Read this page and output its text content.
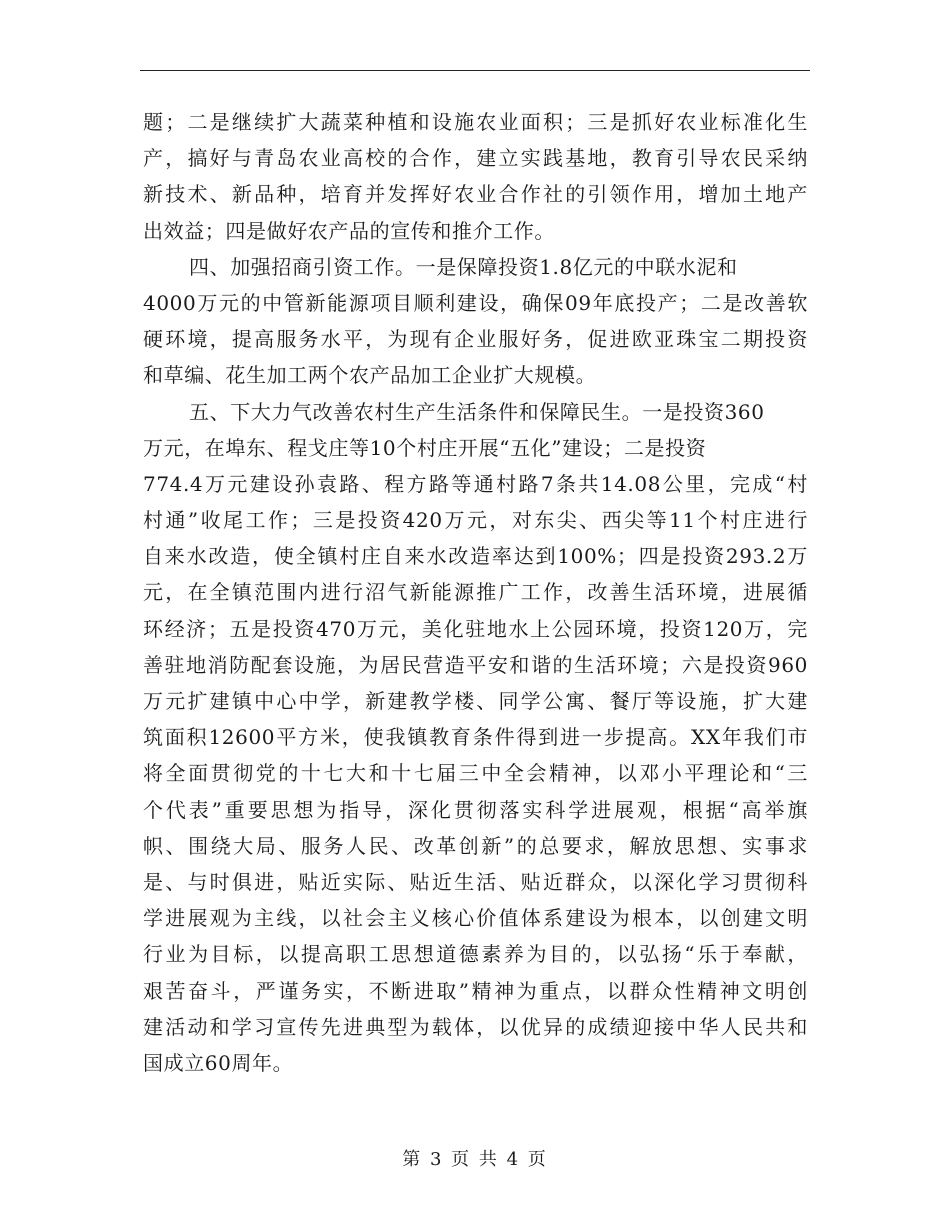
题；二是继续扩大蔬菜种植和设施农业面积；三是抓好农业标准化生
产，搞好与青岛农业高校的合作，建立实践基地，教育引导农民采纳
新技术、新品种，培育并发挥好农业合作社的引领作用，增加土地产
出效益；四是做好农产品的宣传和推介工作。
四、加强招商引资工作。一是保障投资1.8亿元的中联水泥和
4000万元的中管新能源项目顺利建设，确保09年底投产；二是改善软
硬环境，提高服务水平，为现有企业服好务，促进欧亚珠宝二期投资
和草编、花生加工两个农产品加工企业扩大规模。
五、下大力气改善农村生产生活条件和保障民生。一是投资360
万元，在埠东、程戈庄等10个村庄开展“五化”建设；二是投资
774.4万元建设孙袁路、程方路等通村路7条共14.08公里，完成“村
村通”收尾工作；三是投资420万元，对东尖、西尖等11个村庄进行
自来水改造，使全镇村庄自来水改造率达到100%；四是投资293.2万
元，在全镇范围内进行沼气新能源推广工作，改善生活环境，进展循
环经济；五是投资470万元，美化驻地水上公园环境，投资120万，完
善驻地消防配套设施，为居民营造平安和谐的生活环境；六是投资960
万元扩建镇中心中学，新建教学楼、同学公寓、餐厅等设施，扩大建
筑面积12600平方米，使我镇教育条件得到进一步提高。XX年我们市
将全面贯彻党的十七大和十七届三中全会精神，以邓小平理论和“三
个代表”重要思想为指导，深化贯彻落实科学进展观，根据“高举旗
帜、围绕大局、服务人民、改革创新”的总要求，解放思想、实事求
是、与时俱进，贴近实际、贴近生活、贴近群众，以深化学习贯彻科
学进展观为主线，以社会主义核心价值体系建设为根本，以创建文明
行业为目标，以提高职工思想道德素养为目的，以弘扬“乐于奉献，
艰苦奋斗，严谨务实，不断进取”精神为重点，以群众性精神文明创
建活动和学习宣传先进典型为载体，以优异的成绩迎接中华人民共和
国成立60周年。
第 3 页 共 4 页
